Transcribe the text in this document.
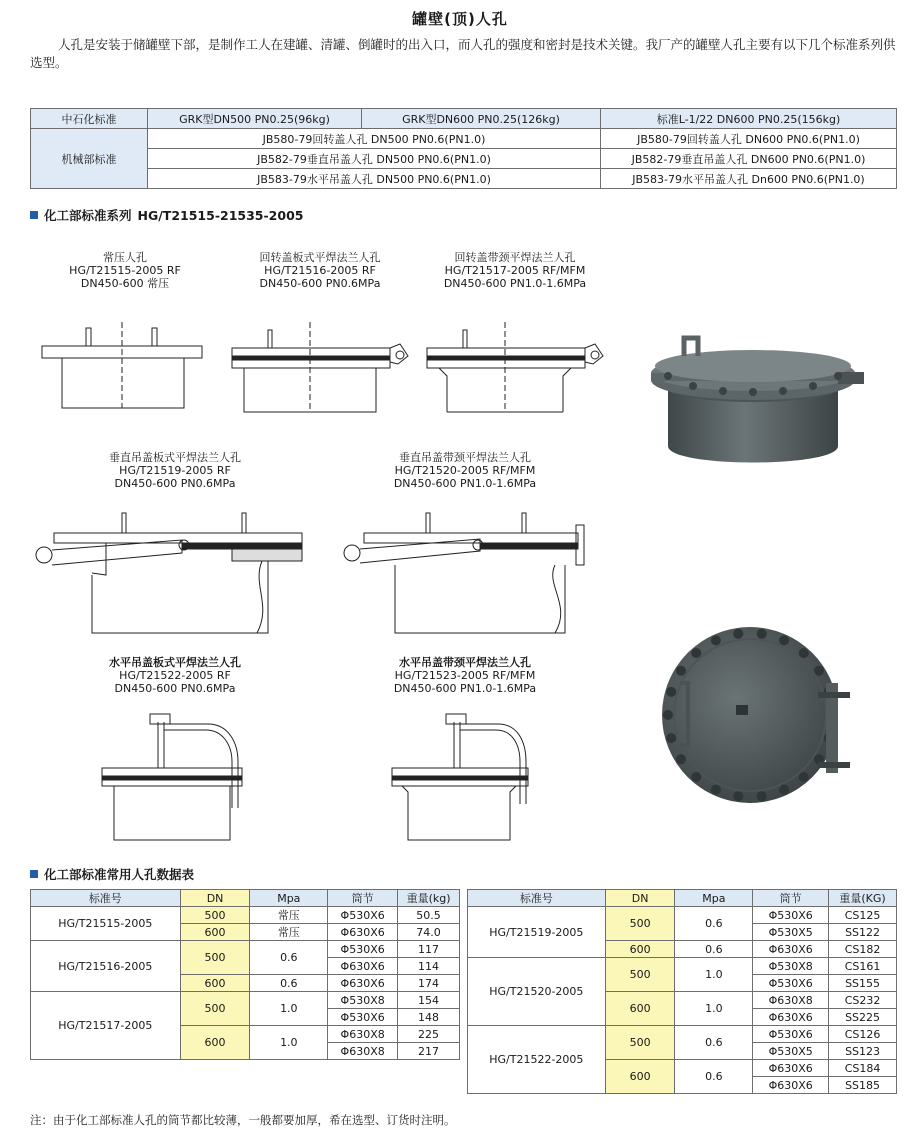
罐壁(顶)人孔
人孔是安装于储罐壁下部，是制作工人在建罐、清罐、倒罐时的出入口，而人孔的强度和密封是技术关键。我厂产的罐壁人孔主要有以下几个标准系列供选型。
中石化标准	GRK型DN500 PN0.25(96kg)	GRK型DN600 PN0.25(126kg)	标准L-1/22 DN600 PN0.25(156kg)
机械部标准	JB580-79回转盖人孔 DN500 PN0.6(PN1.0)		JB580-79回转盖人孔 DN600 PN0.6(PN1.0)
	JB582-79垂直吊盖人孔 DN500 PN0.6(PN1.0)		JB582-79垂直吊盖人孔 DN600 PN0.6(PN1.0)
	JB583-79水平吊盖人孔 DN500 PN0.6(PN1.0)		JB583-79水平吊盖人孔 Dn600 PN0.6(PN1.0)
化工部标准系列 HG/T21515-21535-2005
常压人孔
HG/T21515-2005 RF
DN450-600 常压
回转盖板式平焊法兰人孔
HG/T21516-2005 RF
DN450-600 PN0.6MPa
回转盖带颈平焊法兰人孔
HG/T21517-2005 RF/MFM
DN450-600 PN1.0-1.6MPa
垂直吊盖板式平焊法兰人孔
HG/T21519-2005 RF
DN450-600 PN0.6MPa
垂直吊盖带颈平焊法兰人孔
HG/T21520-2005 RF/MFM
DN450-600 PN1.0-1.6MPa
水平吊盖板式平焊法兰人孔
HG/T21522-2005 RF
DN450-600 PN0.6MPa
水平吊盖带颈平焊法兰人孔
HG/T21523-2005 RF/MFM
DN450-600 PN1.0-1.6MPa
化工部标准常用人孔数据表
标准号	DN	Mpa	筒节	重量(kg)
HG/T21515-2005	500	常压	Φ530X6	50.5
	600	常压	Φ630X6	74.0
HG/T21516-2005	500	0.6	Φ530X6	117
			Φ630X6	114
	600	0.6	Φ630X6	174
HG/T21517-2005	500	1.0	Φ530X8	154
			Φ530X6	148
	600	1.0	Φ630X8	225
			Φ630X8	217
标准号	DN	Mpa	筒节	重量(KG)
HG/T21519-2005	500	0.6	Φ530X6	CS125
			Φ530X5	SS122
	600	0.6	Φ630X6	CS182
HG/T21520-2005	500	1.0	Φ530X8	CS161
			Φ530X6	SS155
	600	1.0	Φ630X8	CS232
			Φ630X6	SS225
HG/T21522-2005	500	0.6	Φ530X6	CS126
			Φ530X5	SS123
	600	0.6	Φ630X6	CS184
			Φ630X6	SS185
注：由于化工部标准人孔的筒节都比较薄，一般都要加厚，希在选型、订货时注明。
